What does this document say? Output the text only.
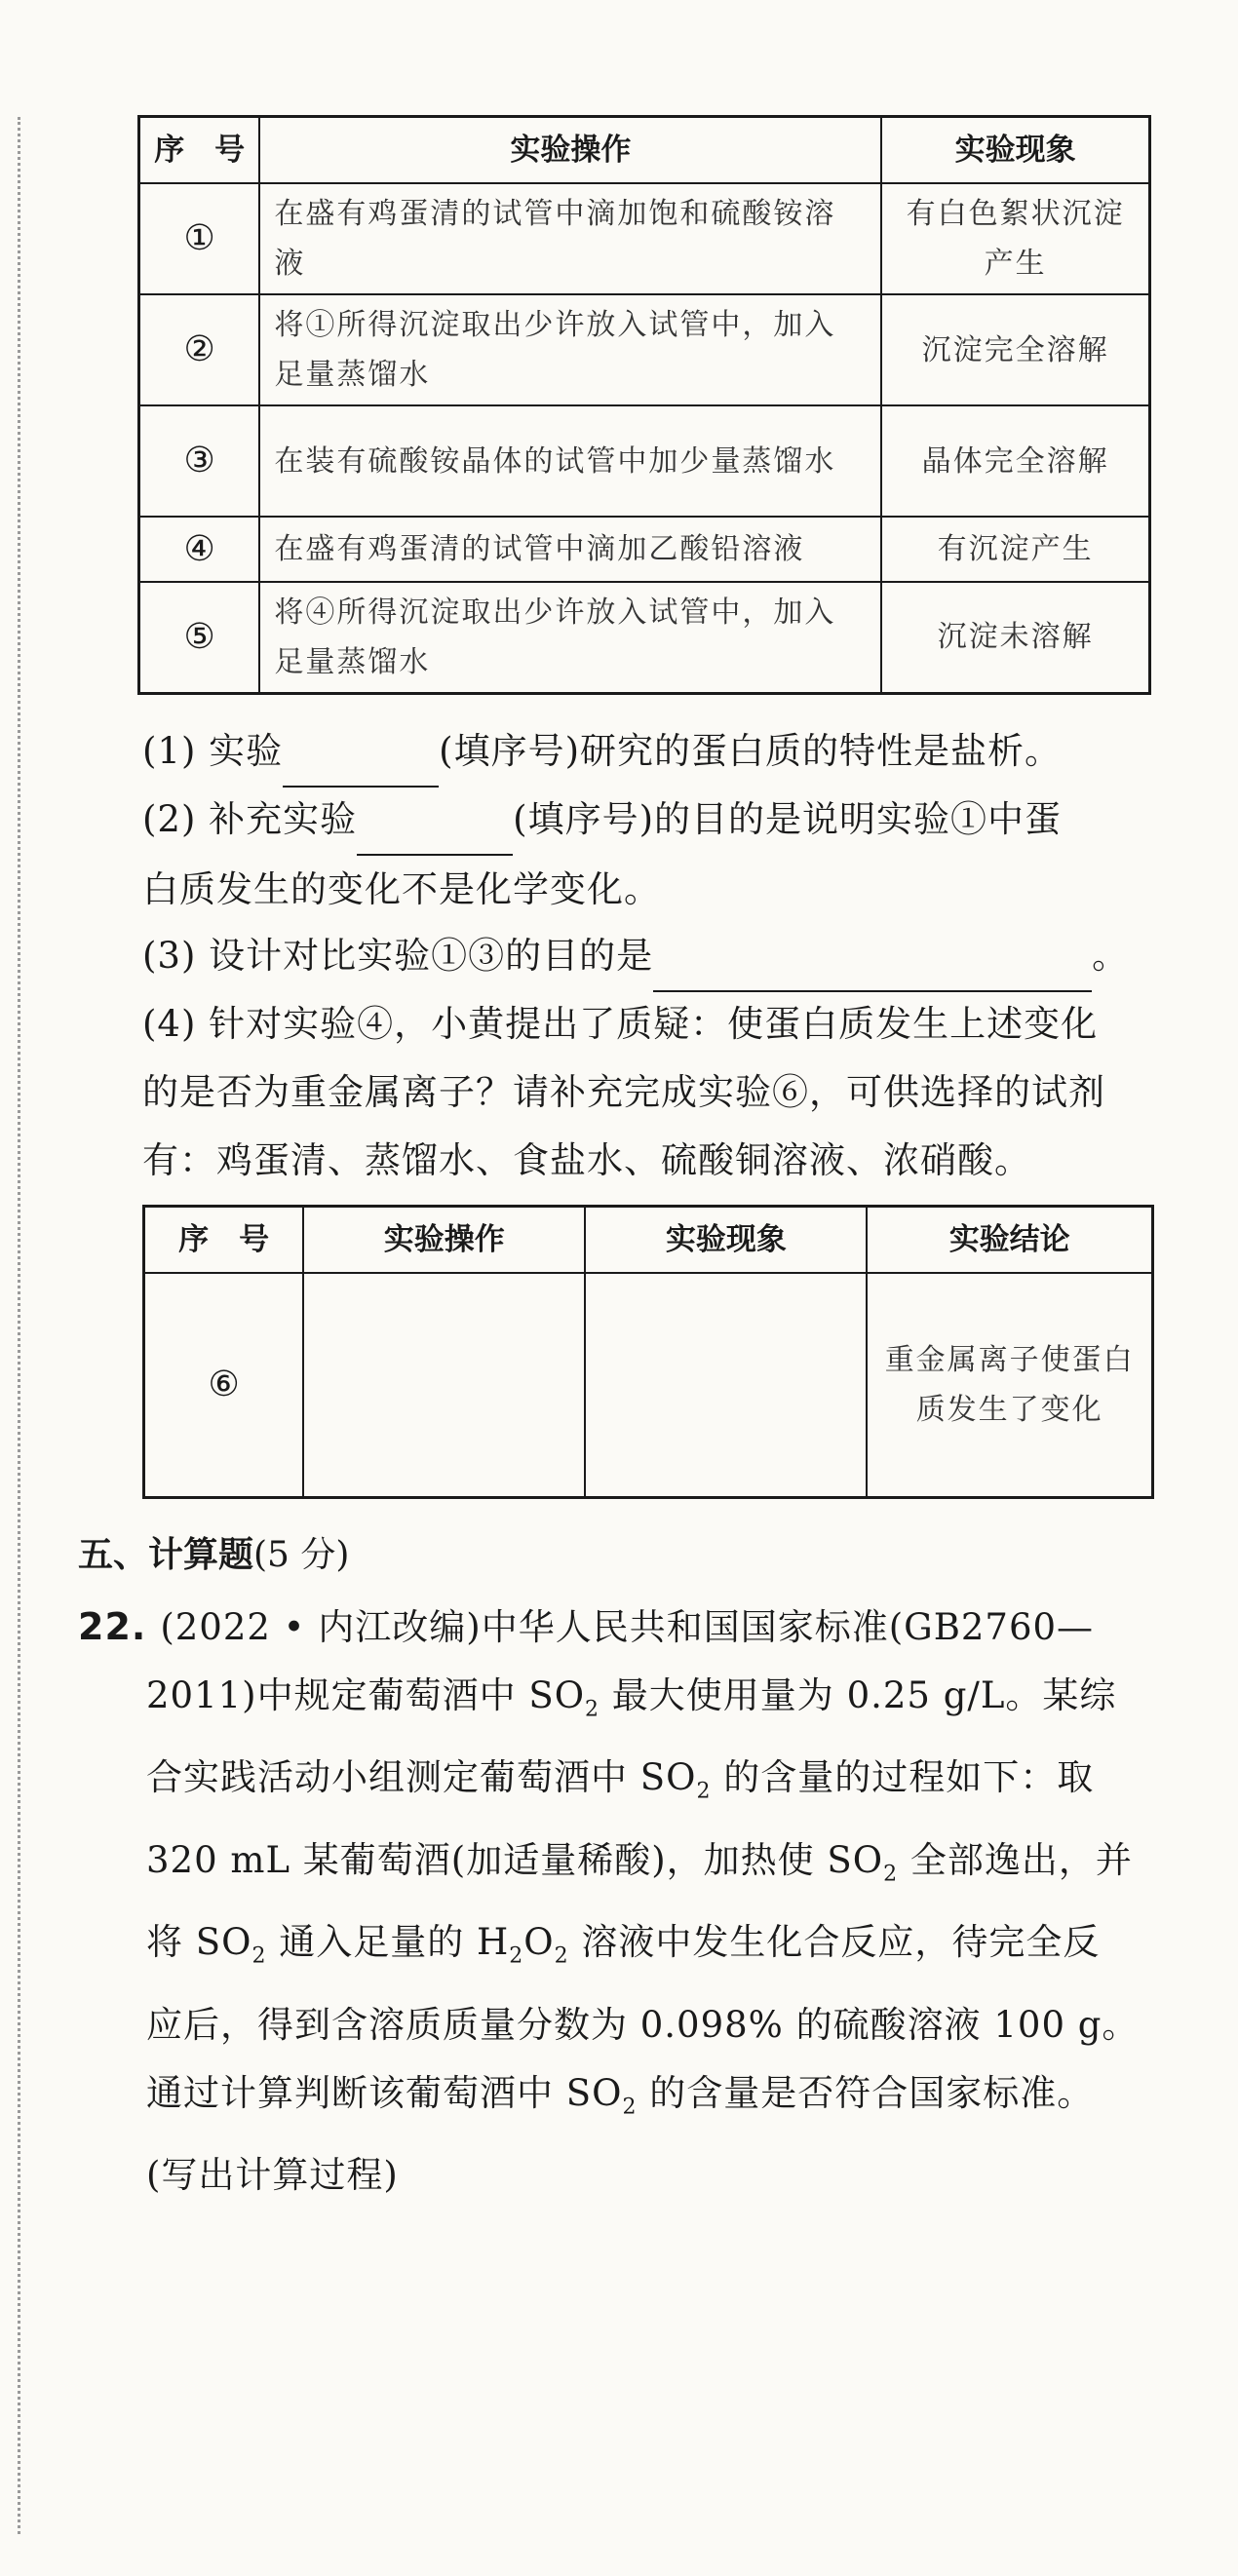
序　号	实验操作	实验现象
①	在盛有鸡蛋清的试管中滴加饱和硫酸铵溶液	有白色絮状沉淀产生
②	将①所得沉淀取出少许放入试管中，加入足量蒸馏水	沉淀完全溶解
③	在装有硫酸铵晶体的试管中加少量蒸馏水	晶体完全溶解
④	在盛有鸡蛋清的试管中滴加乙酸铅溶液	有沉淀产生
⑤	将④所得沉淀取出少许放入试管中，加入足量蒸馏水	沉淀未溶解
(1) 实验	(填序号)研究的蛋白质的特性是盐析。
(2) 补充实验	(填序号)的目的是说明实验①中蛋
白质发生的变化不是化学变化。
(3) 设计对比实验①③的目的是	。
(4) 针对实验④，小黄提出了质疑：使蛋白质发生上述变化
的是否为重金属离子？请补充完成实验⑥，可供选择的试剂
有：鸡蛋清、蒸馏水、食盐水、硫酸铜溶液、浓硝酸。
序　号	实验操作	实验现象	实验结论
⑥			重金属离子使蛋白质发生了变化
五、计算题(5 分)
22. (2022 • 内江改编)中华人民共和国国家标准(GB2760—
2011)中规定葡萄酒中 $SO_2$ 最大使用量为 0.25 g/L。某综
合实践活动小组测定葡萄酒中 $SO_2$ 的含量的过程如下：取
320 mL 某葡萄酒(加适量稀酸)，加热使 $SO_2$ 全部逸出，并
将 $SO_2$ 通入足量的 $H_2O_2$ 溶液中发生化合反应，待完全反
应后，得到含溶质质量分数为 0.098% 的硫酸溶液 100 g。
通过计算判断该葡萄酒中 $SO_2$ 的含量是否符合国家标准。
(写出计算过程)
